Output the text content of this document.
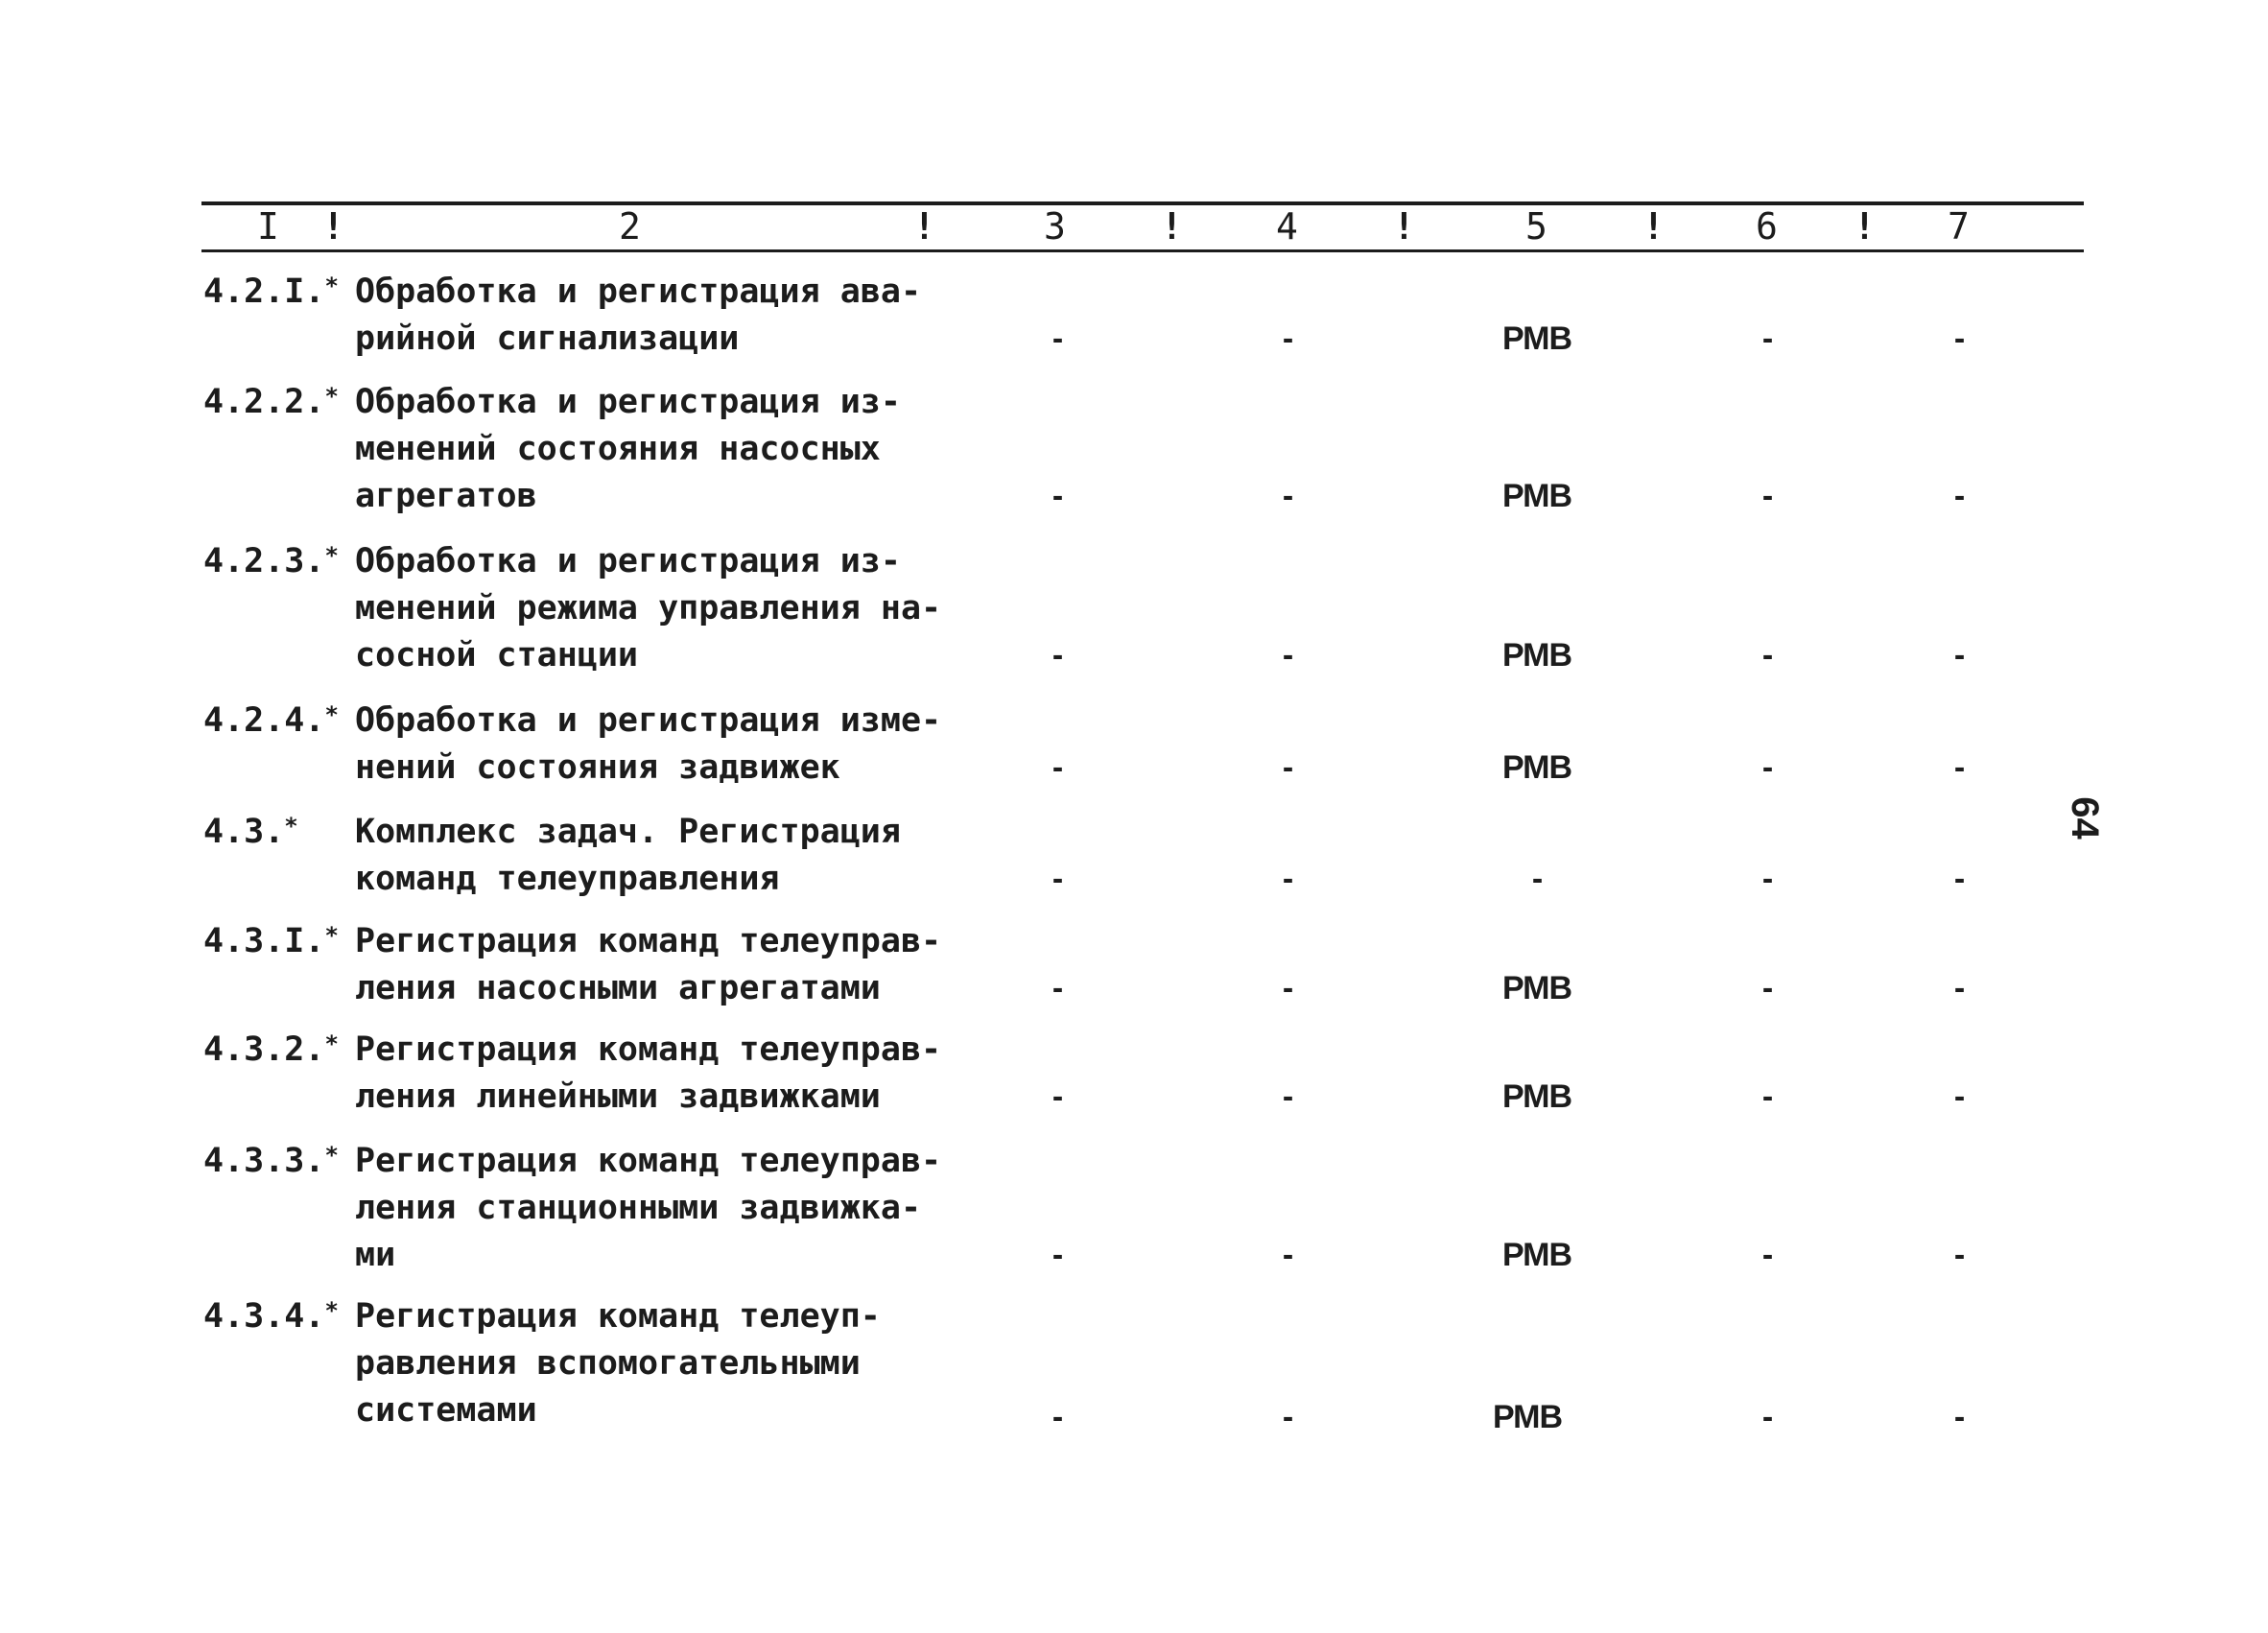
I !	2	!	3	!	4	!	5	!	6 ! 7
4.2.I.* Обработка и регистрация ава-
рийной сигнализации	-	-	РМВ	-	-
4.2.2.* Обработка и регистрация из-
менений состояния насосных
агрегатов	-	-	РМВ	-	-
4.2.3.* Обработка и регистрация из-
менений режима управления на-
сосной станции	-	-	РМВ	-	-
4.2.4.* Обработка и регистрация изме-
нений состояния задвижек	-	-	РМВ	-	-
4.3.* Комплекс задач. Регистрация
команд телеуправления	-	-	-	-	-
4.3.I.* Регистрация команд телеуправ-
ления насосными агрегатами	-	-	РМВ	-	-
4.3.2.* Регистрация команд телеуправ-
ления линейными задвижками	-	-	РМВ	-	-
4.3.3.* Регистрация команд телеуправ-
ления станционными задвижка-
ми	-	-	РМВ	-	-
4.3.4.* Регистрация команд телеуп-
равления вспомогательными
системами	-	-	РМВ	-	-
64
